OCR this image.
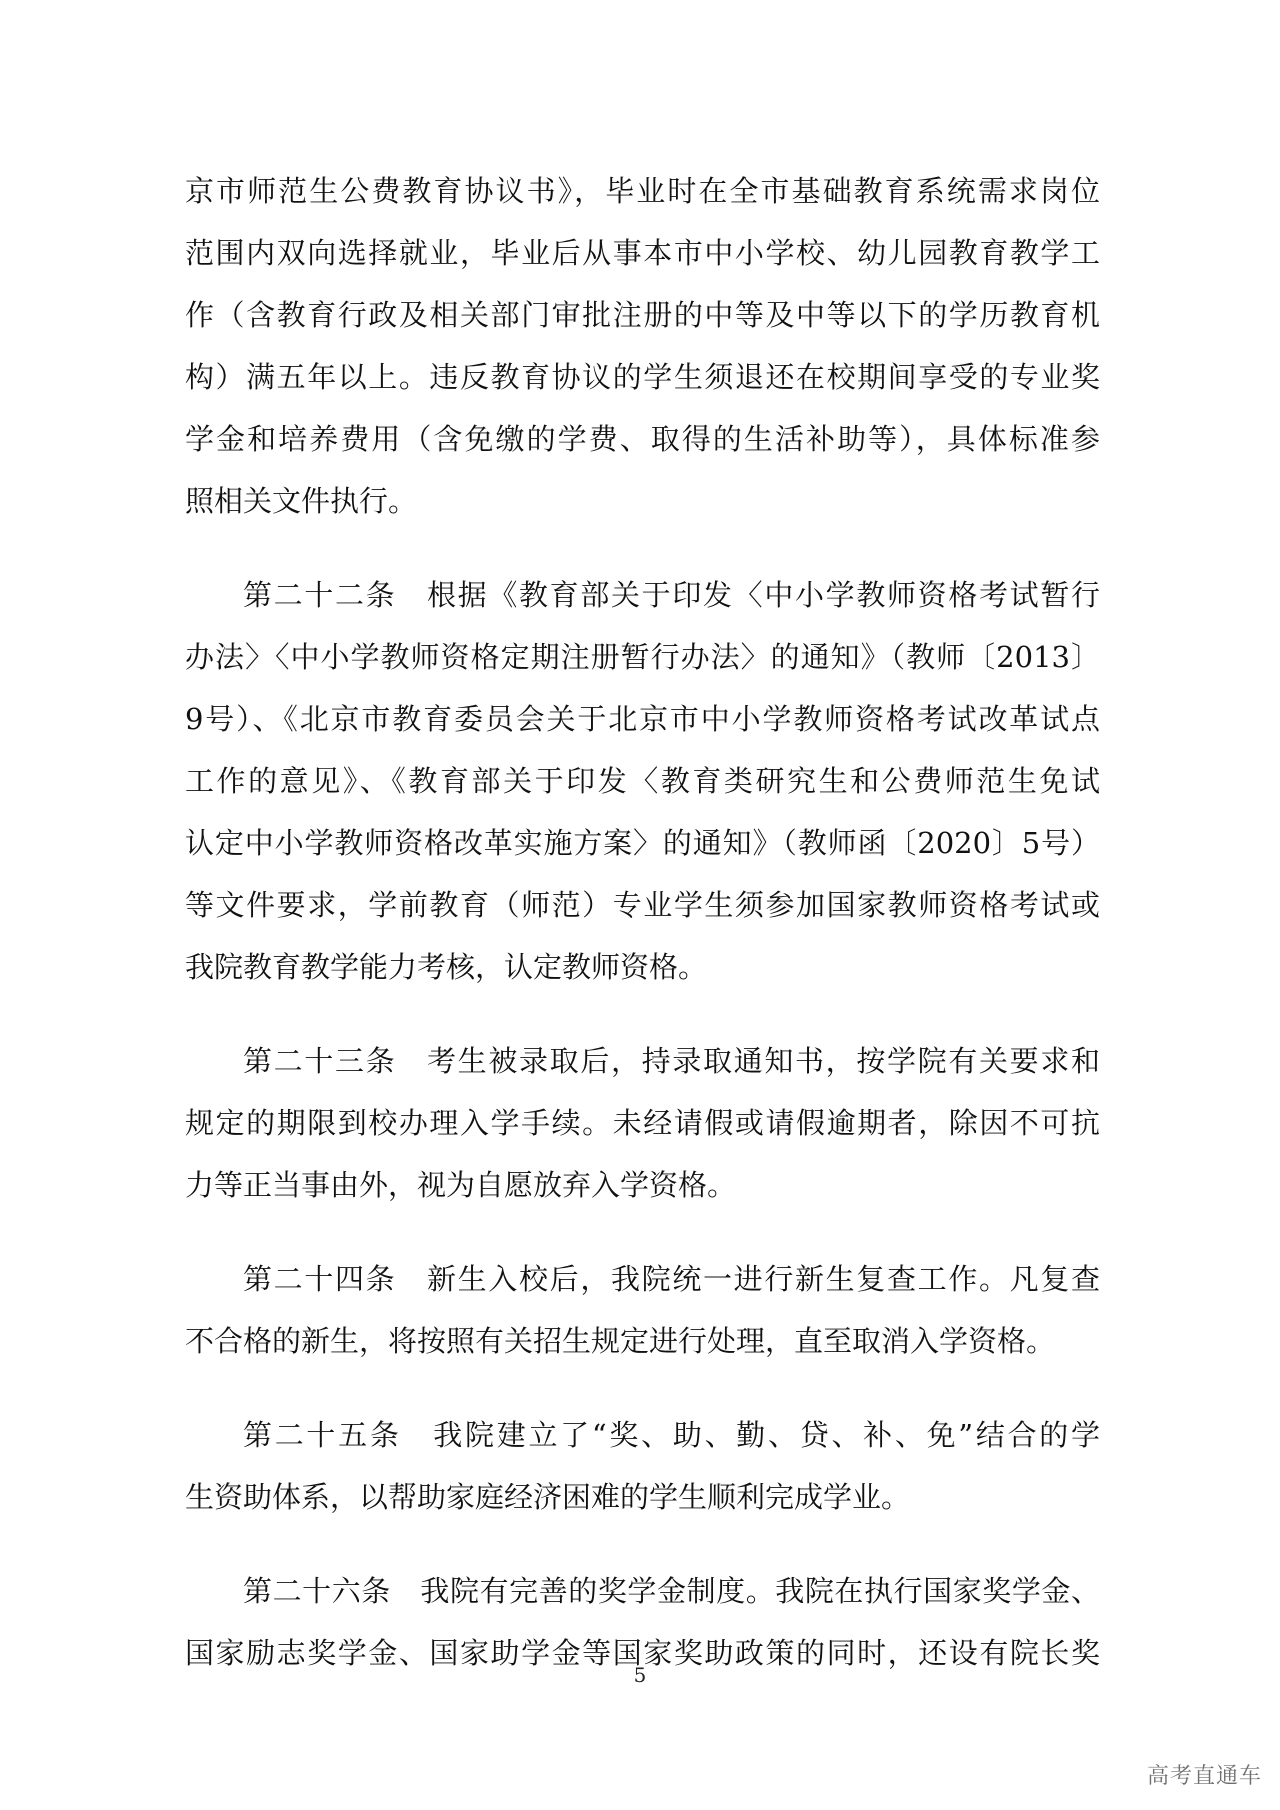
京市师范生公费教育协议书》，毕业时在全市基础教育系统需求岗位
范围内双向选择就业，毕业后从事本市中小学校、幼儿园教育教学工
作（含教育行政及相关部门审批注册的中等及中等以下的学历教育机
构）满五年以上。违反教育协议的学生须退还在校期间享受的专业奖
学金和培养费用（含免缴的学费、取得的生活补助等），具体标准参
照相关文件执行。
第二十二条　根据《教育部关于印发〈中小学教师资格考试暂行
办法〉〈中小学教师资格定期注册暂行办法〉的通知》（教师〔2013〕
9号）、《北京市教育委员会关于北京市中小学教师资格考试改革试点
工作的意见》、《教育部关于印发〈教育类研究生和公费师范生免试
认定中小学教师资格改革实施方案〉的通知》（教师函〔2020〕5号）
等文件要求，学前教育（师范）专业学生须参加国家教师资格考试或
我院教育教学能力考核，认定教师资格。
第二十三条　考生被录取后，持录取通知书，按学院有关要求和
规定的期限到校办理入学手续。未经请假或请假逾期者，除因不可抗
力等正当事由外，视为自愿放弃入学资格。
第二十四条　新生入校后，我院统一进行新生复查工作。凡复查
不合格的新生，将按照有关招生规定进行处理，直至取消入学资格。
第二十五条　我院建立了“奖、助、勤、贷、补、免”结合的学
生资助体系，以帮助家庭经济困难的学生顺利完成学业。
第二十六条　我院有完善的奖学金制度。我院在执行国家奖学金、
国家励志奖学金、国家助学金等国家奖助政策的同时，还设有院长奖
5
高考直通车
